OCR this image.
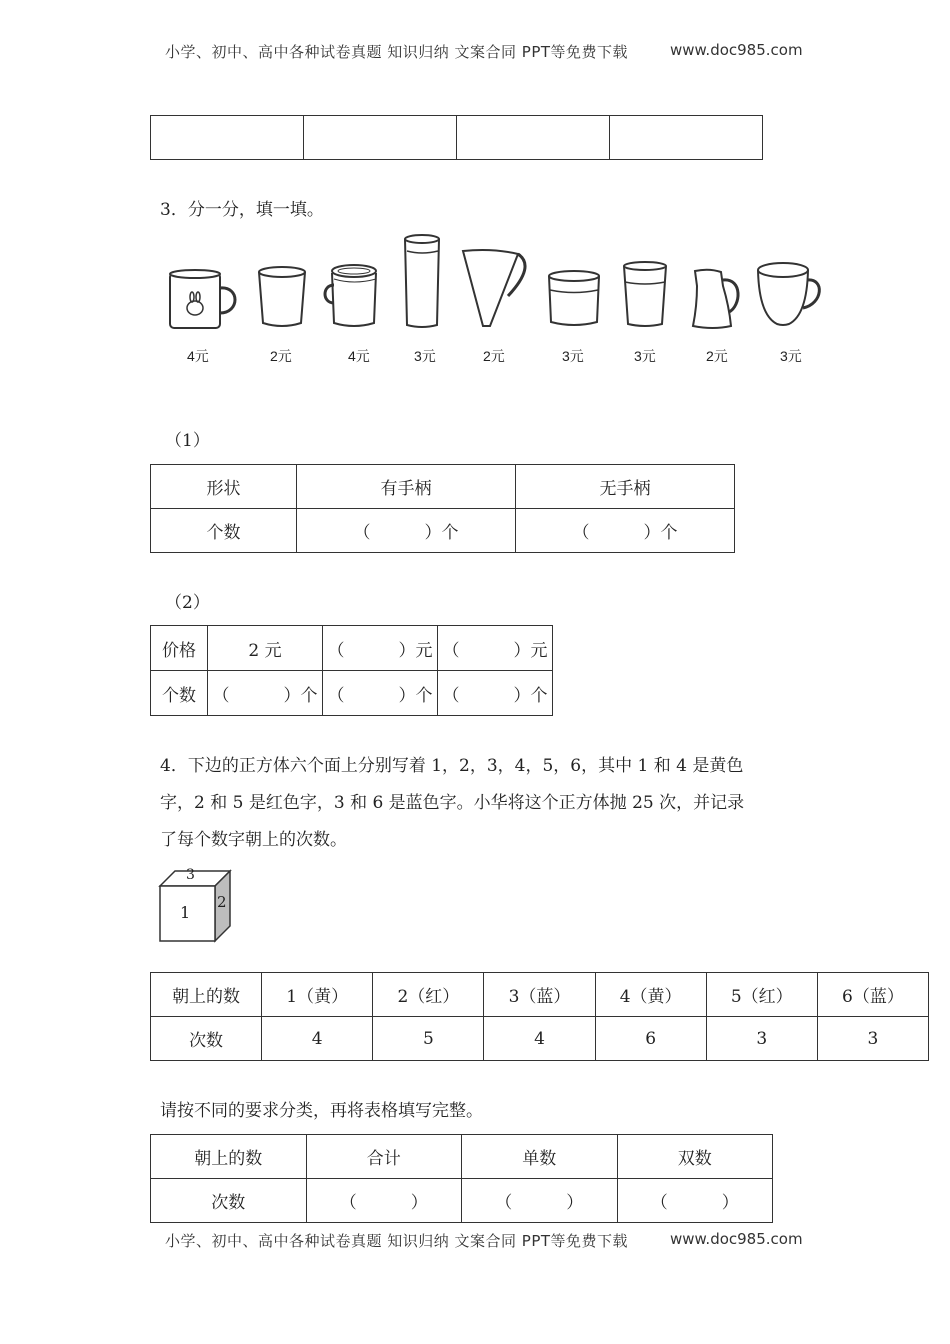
小学、初中、高中各种试卷真题 知识归纳 文案合同 PPT等免费下载	www.doc985.com

3．分一分，填一填。
4元	2元	4元	3元	2元	3元	3元	2元	3元
（1）
形状	有手柄	无手柄
个数	（          ）个	（          ）个
（2）
价格	2 元	（          ）元	（          ）元
个数	（          ）个	（          ）个	（          ）个
4．下边的正方体六个面上分别写着 1，2，3，4，5，6，其中 1 和 4 是黄色
字，2 和 5 是红色字，3 和 6 是蓝色字。小华将这个正方体抛 25 次，并记录
了每个数字朝上的次数。
3
1
2
朝上的数	1（黄）	2（红）	3（蓝）	4（黄）	5（红）	6（蓝）
次数	4	5	4	6	3	3
请按不同的要求分类，再将表格填写完整。
朝上的数	合计	单数	双数
次数	（          ）	（          ）	（          ）
小学、初中、高中各种试卷真题 知识归纳 文案合同 PPT等免费下载	www.doc985.com
